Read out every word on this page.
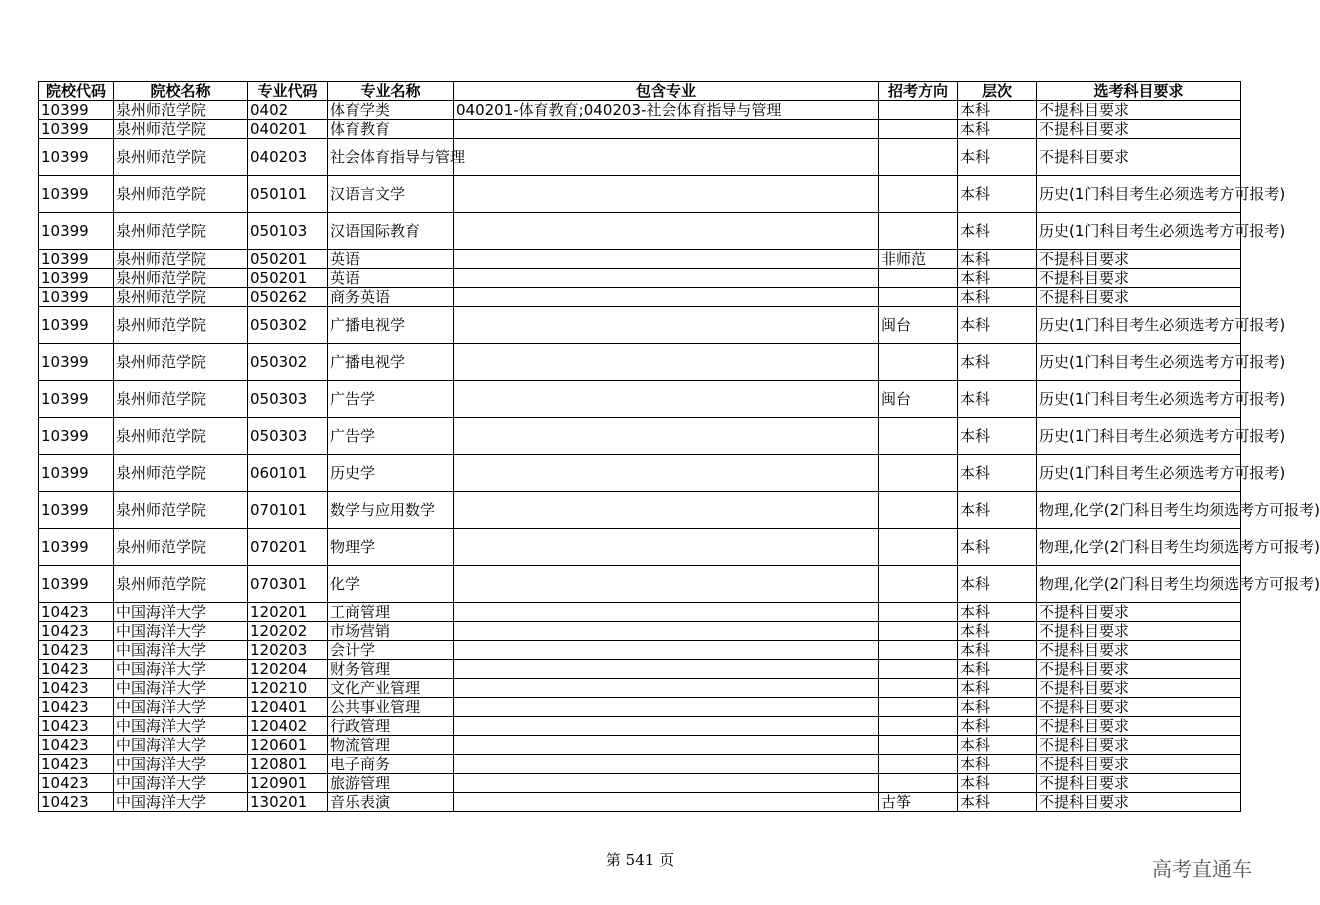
院校代码	院校名称	专业代码	专业名称	包含专业	招考方向	层次	选考科目要求
10399	泉州师范学院	0402	体育学类	040201-体育教育;040203-社会体育指导与管理		本科	不提科目要求
10399	泉州师范学院	040201	体育教育			本科	不提科目要求
10399	泉州师范学院	040203	社会体育指导与管理			本科	不提科目要求
10399	泉州师范学院	050101	汉语言文学			本科	历史(1门科目考生必须选考方可报考)
10399	泉州师范学院	050103	汉语国际教育			本科	历史(1门科目考生必须选考方可报考)
10399	泉州师范学院	050201	英语		非师范	本科	不提科目要求
10399	泉州师范学院	050201	英语			本科	不提科目要求
10399	泉州师范学院	050262	商务英语			本科	不提科目要求
10399	泉州师范学院	050302	广播电视学		闽台	本科	历史(1门科目考生必须选考方可报考)
10399	泉州师范学院	050302	广播电视学			本科	历史(1门科目考生必须选考方可报考)
10399	泉州师范学院	050303	广告学		闽台	本科	历史(1门科目考生必须选考方可报考)
10399	泉州师范学院	050303	广告学			本科	历史(1门科目考生必须选考方可报考)
10399	泉州师范学院	060101	历史学			本科	历史(1门科目考生必须选考方可报考)
10399	泉州师范学院	070101	数学与应用数学			本科	物理,化学(2门科目考生均须选考方可报考)
10399	泉州师范学院	070201	物理学			本科	物理,化学(2门科目考生均须选考方可报考)
10399	泉州师范学院	070301	化学			本科	物理,化学(2门科目考生均须选考方可报考)
10423	中国海洋大学	120201	工商管理			本科	不提科目要求
10423	中国海洋大学	120202	市场营销			本科	不提科目要求
10423	中国海洋大学	120203	会计学			本科	不提科目要求
10423	中国海洋大学	120204	财务管理			本科	不提科目要求
10423	中国海洋大学	120210	文化产业管理			本科	不提科目要求
10423	中国海洋大学	120401	公共事业管理			本科	不提科目要求
10423	中国海洋大学	120402	行政管理			本科	不提科目要求
10423	中国海洋大学	120601	物流管理			本科	不提科目要求
10423	中国海洋大学	120801	电子商务			本科	不提科目要求
10423	中国海洋大学	120901	旅游管理			本科	不提科目要求
10423	中国海洋大学	130201	音乐表演		古筝	本科	不提科目要求
第 541 页	高考直通车
